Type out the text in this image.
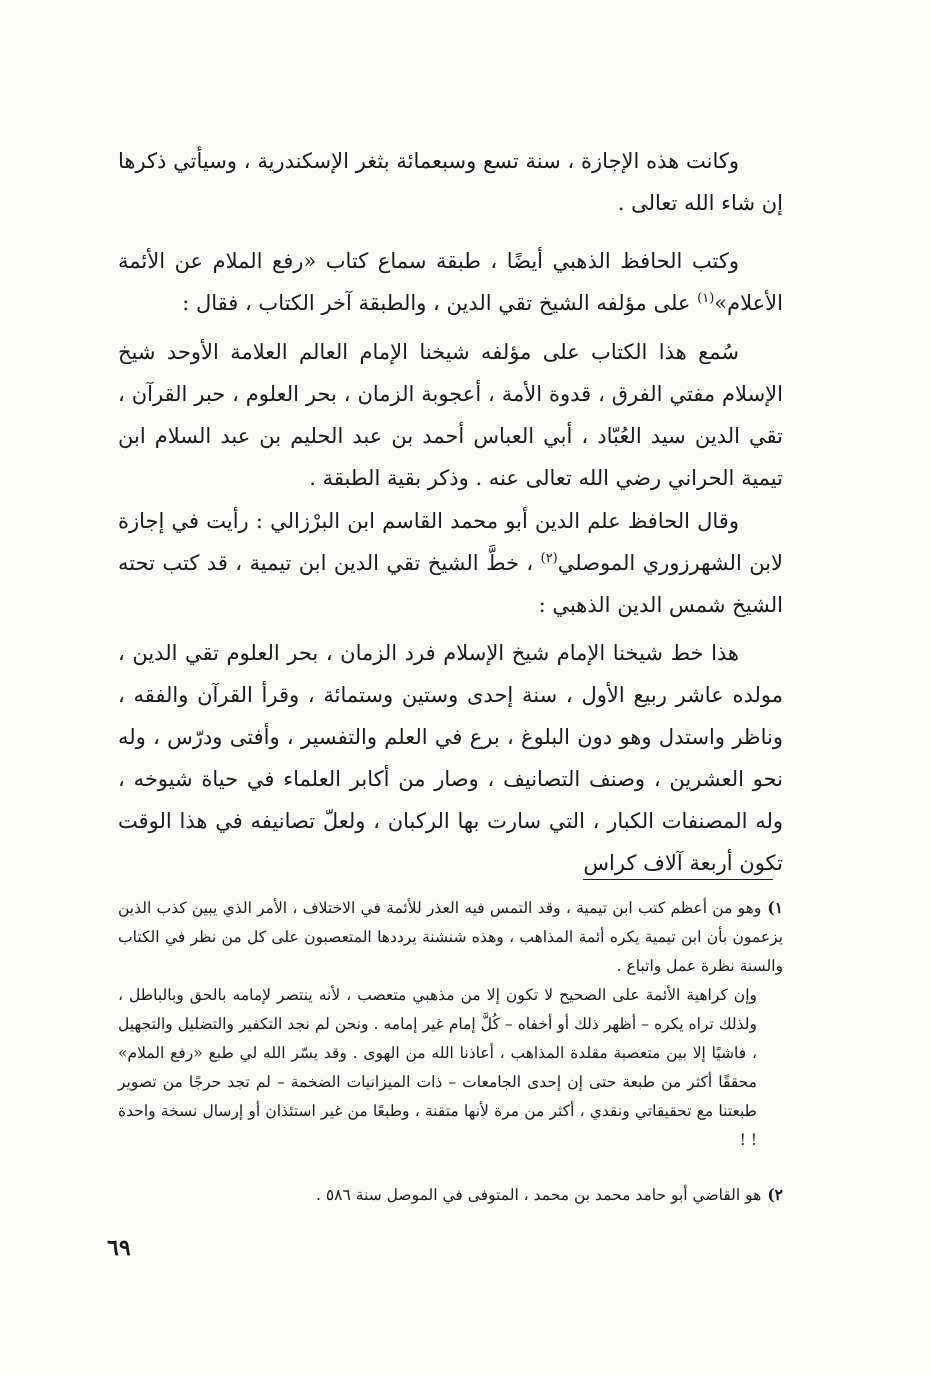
وكانت هذه الإجازة ، سنة تسع وسبعمائة بثغر الإسكندرية ، وسيأتي ذكرها إن شاء الله تعالى .

وكتب الحافظ الذهبي أيضًا ، طبقة سماع كتاب «رفع الملام عن الأئمة الأعلام»$^{(١)}$ على مؤلفه الشيخ تقي الدين ، والطبقة آخر الكتاب ، فقال :

سُمع هذا الكتاب على مؤلفه شيخنا الإمام العالم العلامة الأوحد شيخ الإسلام مفتي الفرق ، قدوة الأمة ، أعجوبة الزمان ، بحر العلوم ، حبر القرآن ، تقي الدين سيد العُبّاد ، أبي العباس أحمد بن عبد الحليم بن عبد السلام ابن تيمية الحراني رضي الله تعالى عنه . وذكر بقية الطبقة .

وقال الحافظ علم الدين أبو محمد القاسم ابن البرْزالي : رأيت في إجازة لابن الشهرزوري الموصلي$^{(٢)}$ ، خطَّ الشيخ تقي الدين ابن تيمية ، قد كتب تحته الشيخ شمس الدين الذهبي :

هذا خط شيخنا الإمام شيخ الإسلام فرد الزمان ، بحر العلوم تقي الدين ، مولده عاشر ربيع الأول ، سنة إحدى وستين وستمائة ، وقرأ القرآن والفقه ، وناظر واستدل وهو دون البلوغ ، برع في العلم والتفسير ، وأفتى ودرّس ، وله نحو العشرين ، وصنف التصانيف ، وصار من أكابر العلماء في حياة شيوخه ، وله المصنفات الكبار ، التي سارت بها الركبان ، ولعلّ تصانيفه في هذا الوقت تكون أربعة آلاف كراس

١)وهو من أعظم كتب ابن تيمية ، وقد التمس فيه العذر للأئمة في الاختلاف ، الأمر الذي يبين كذب الذين يزعمون بأن ابن تيمية يكره أئمة المذاهب ، وهذه شنشنة يرددها المتعصبون على كل من نظر في الكتاب والسنة نظرة عمل واتباع .

وإن كراهية الأئمة على الصحيح لا تكون إلا من مذهبي متعصب ، لأنه ينتصر لإمامه بالحق وبالباطل ، ولذلك تراه يكره – أظهر ذلك أو أخفاه – كُلَّ إمام غير إمامه . ونحن لم نجد التكفير والتضليل والتجهيل ، فاشيًا إلا بين متعصبة مقلدة المذاهب ، أعاذنا الله من الهوى . وقد يسّر الله لي طبع «رفع الملام» محققًا أكثر من طبعة حتى إن إحدى الجامعات – ذات الميزانيات الضخمة – لم تجد حرجًا من تصوير طبعتنا مع تحقيقاتي ونقدي ، أكثر من مرة لأنها متقنة ، وطبعًا من غير استئذان أو إرسال نسخة واحدة ! !

٢)هو القاضي أبو حامد محمد بن محمد ، المتوفى في الموصل سنة ٥٨٦ .

٦٩
